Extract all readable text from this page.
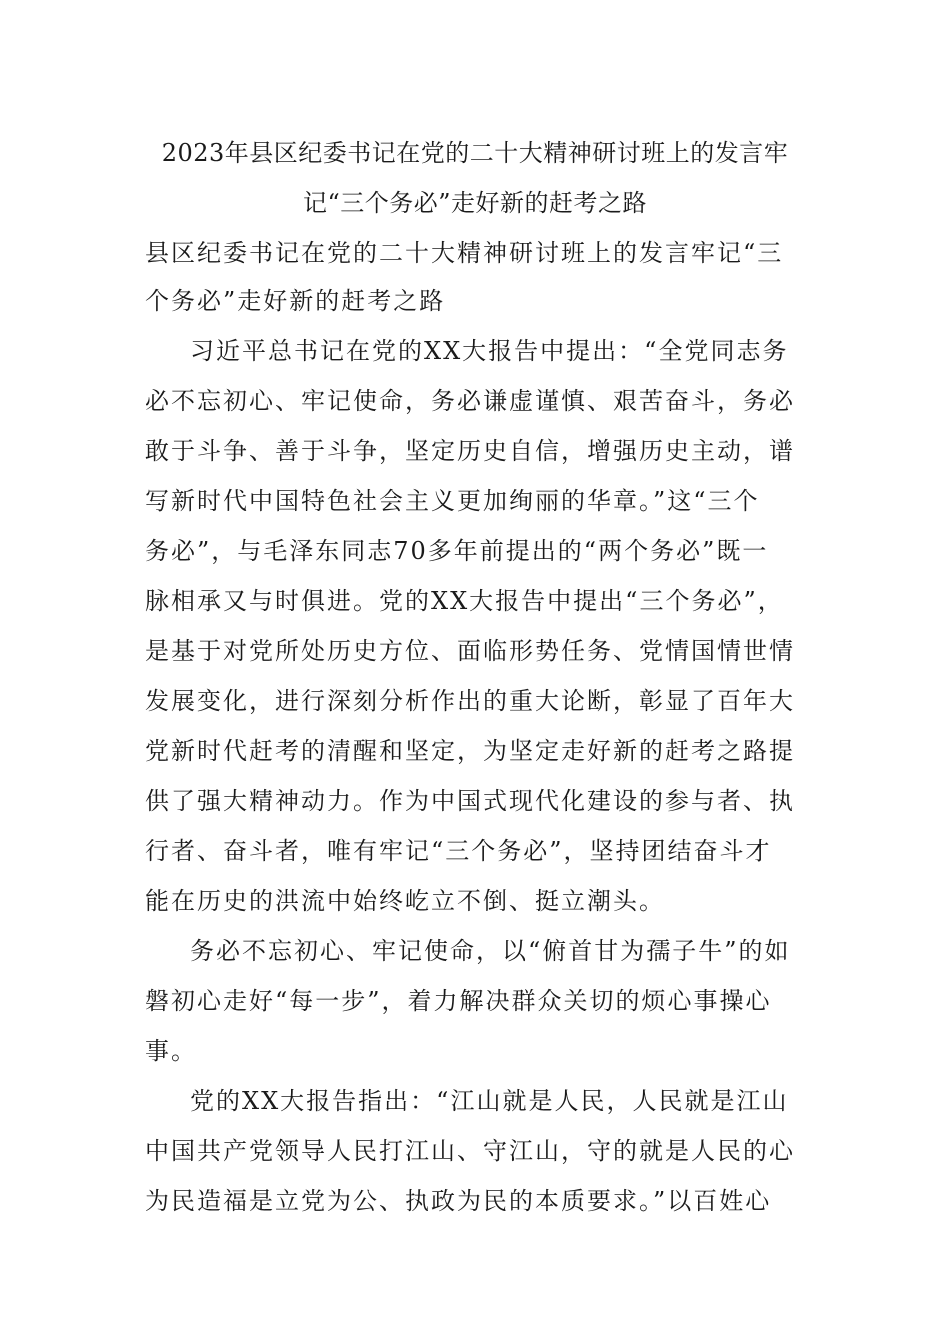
2023年县区纪委书记在党的二十大精神研讨班上的发言牢
记“三个务必”走好新的赶考之路
县区纪委书记在党的二十大精神研讨班上的发言牢记“三
个务必”走好新的赶考之路
习近平总书记在党的XX大报告中提出：“全党同志务
必不忘初心、牢记使命，务必谦虚谨慎、艰苦奋斗，务必
敢于斗争、善于斗争，坚定历史自信，增强历史主动，谱
写新时代中国特色社会主义更加绚丽的华章。”这“三个
务必”，与毛泽东同志70多年前提出的“两个务必”既一
脉相承又与时俱进。党的XX大报告中提出“三个务必”，
是基于对党所处历史方位、面临形势任务、党情国情世情
发展变化，进行深刻分析作出的重大论断，彰显了百年大
党新时代赶考的清醒和坚定，为坚定走好新的赶考之路提
供了强大精神动力。作为中国式现代化建设的参与者、执
行者、奋斗者，唯有牢记“三个务必”，坚持团结奋斗才
能在历史的洪流中始终屹立不倒、挺立潮头。
务必不忘初心、牢记使命，以“俯首甘为孺子牛”的如
磐初心走好“每一步”，着力解决群众关切的烦心事操心
事。
党的XX大报告指出：“江山就是人民，人民就是江山
中国共产党领导人民打江山、守江山，守的就是人民的心
为民造福是立党为公、执政为民的本质要求。”以百姓心
